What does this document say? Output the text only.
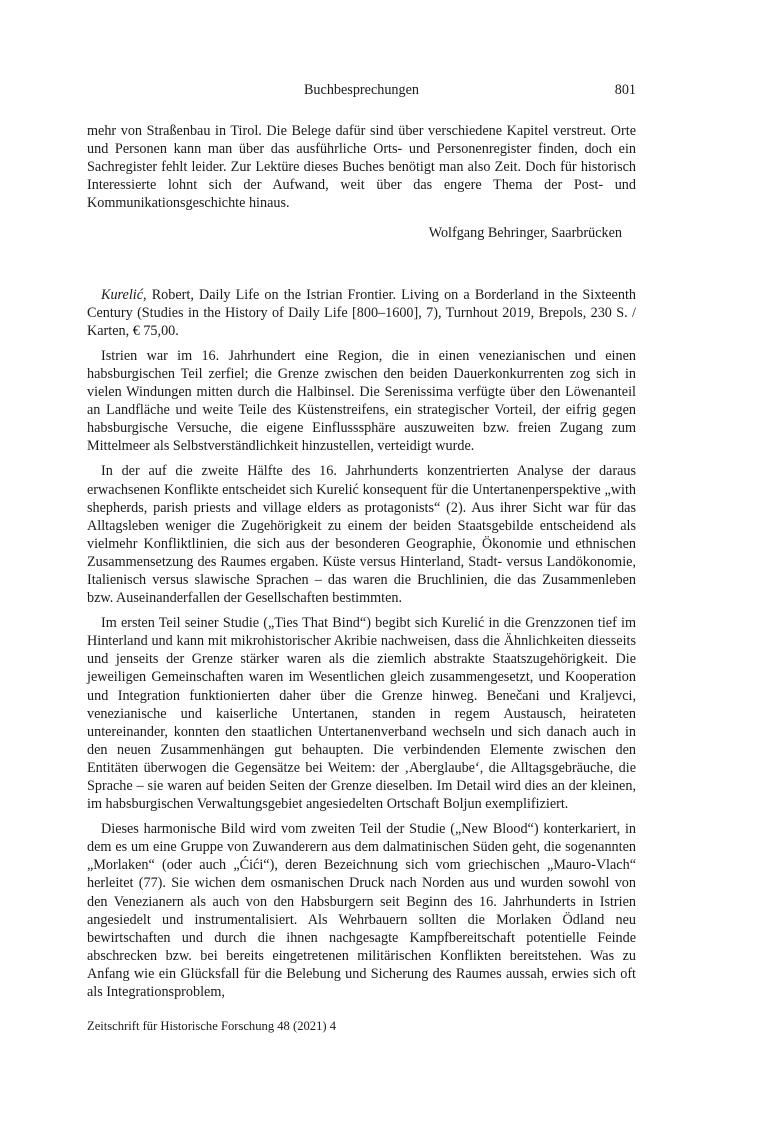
Buchbesprechungen	801

mehr von Straßenbau in Tirol. Die Belege dafür sind über verschiedene Kapitel verstreut. Orte und Personen kann man über das ausführliche Orts- und Personenregister finden, doch ein Sachregister fehlt leider. Zur Lektüre dieses Buches benötigt man also Zeit. Doch für historisch Interessierte lohnt sich der Aufwand, weit über das engere Thema der Post- und Kommunikationsgeschichte hinaus.

Wolfgang Behringer, Saarbrücken

Kurelić, Robert, Daily Life on the Istrian Frontier. Living on a Borderland in the Sixteenth Century (Studies in the History of Daily Life [800–1600], 7), Turnhout 2019, Brepols, 230 S. / Karten, € 75,00.

Istrien war im 16. Jahrhundert eine Region, die in einen venezianischen und einen habsburgischen Teil zerfiel; die Grenze zwischen den beiden Dauerkonkurrenten zog sich in vielen Windungen mitten durch die Halbinsel. Die Serenissima verfügte über den Löwenanteil an Landfläche und weite Teile des Küstenstreifens, ein strategischer Vorteil, der eifrig gegen habsburgische Versuche, die eigene Einflusssphäre auszuweiten bzw. freien Zugang zum Mittelmeer als Selbstverständlichkeit hinzustellen, verteidigt wurde.

In der auf die zweite Hälfte des 16. Jahrhunderts konzentrierten Analyse der daraus erwachsenen Konflikte entscheidet sich Kurelić konsequent für die Untertanenperspektive „with shepherds, parish priests and village elders as protagonists“ (2). Aus ihrer Sicht war für das Alltagsleben weniger die Zugehörigkeit zu einem der beiden Staatsgebilde entscheidend als vielmehr Konfliktlinien, die sich aus der besonderen Geographie, Ökonomie und ethnischen Zusammensetzung des Raumes ergaben. Küste versus Hinterland, Stadt- versus Landökonomie, Italienisch versus slawische Sprachen – das waren die Bruchlinien, die das Zusammenleben bzw. Auseinanderfallen der Gesellschaften bestimmten.

Im ersten Teil seiner Studie („Ties That Bind“) begibt sich Kurelić in die Grenzzonen tief im Hinterland und kann mit mikrohistorischer Akribie nachweisen, dass die Ähnlichkeiten diesseits und jenseits der Grenze stärker waren als die ziemlich abstrakte Staatszugehörigkeit. Die jeweiligen Gemeinschaften waren im Wesentlichen gleich zusammengesetzt, und Kooperation und Integration funktionierten daher über die Grenze hinweg. Benečani und Kraljevci, venezianische und kaiserliche Untertanen, standen in regem Austausch, heirateten untereinander, konnten den staatlichen Untertanenverband wechseln und sich danach auch in den neuen Zusammenhängen gut behaupten. Die verbindenden Elemente zwischen den Entitäten überwogen die Gegensätze bei Weitem: der ‚Aberglaube‘, die Alltagsgebräuche, die Sprache – sie waren auf beiden Seiten der Grenze dieselben. Im Detail wird dies an der kleinen, im habsburgischen Verwaltungsgebiet angesiedelten Ortschaft Boljun exemplifiziert.

Dieses harmonische Bild wird vom zweiten Teil der Studie („New Blood“) konterkariert, in dem es um eine Gruppe von Zuwanderern aus dem dalmatinischen Süden geht, die sogenannten „Morlaken“ (oder auch „Ćići“), deren Bezeichnung sich vom griechischen „Mauro-Vlach“ herleitet (77). Sie wichen dem osmanischen Druck nach Norden aus und wurden sowohl von den Venezianern als auch von den Habsburgern seit Beginn des 16. Jahrhunderts in Istrien angesiedelt und instrumentalisiert. Als Wehrbauern sollten die Morlaken Ödland neu bewirtschaften und durch die ihnen nachgesagte Kampfbereitschaft potentielle Feinde abschrecken bzw. bei bereits eingetretenen militärischen Konflikten bereitstehen. Was zu Anfang wie ein Glücksfall für die Belebung und Sicherung des Raumes aussah, erwies sich oft als Integrationsproblem,

Zeitschrift für Historische Forschung 48 (2021) 4
